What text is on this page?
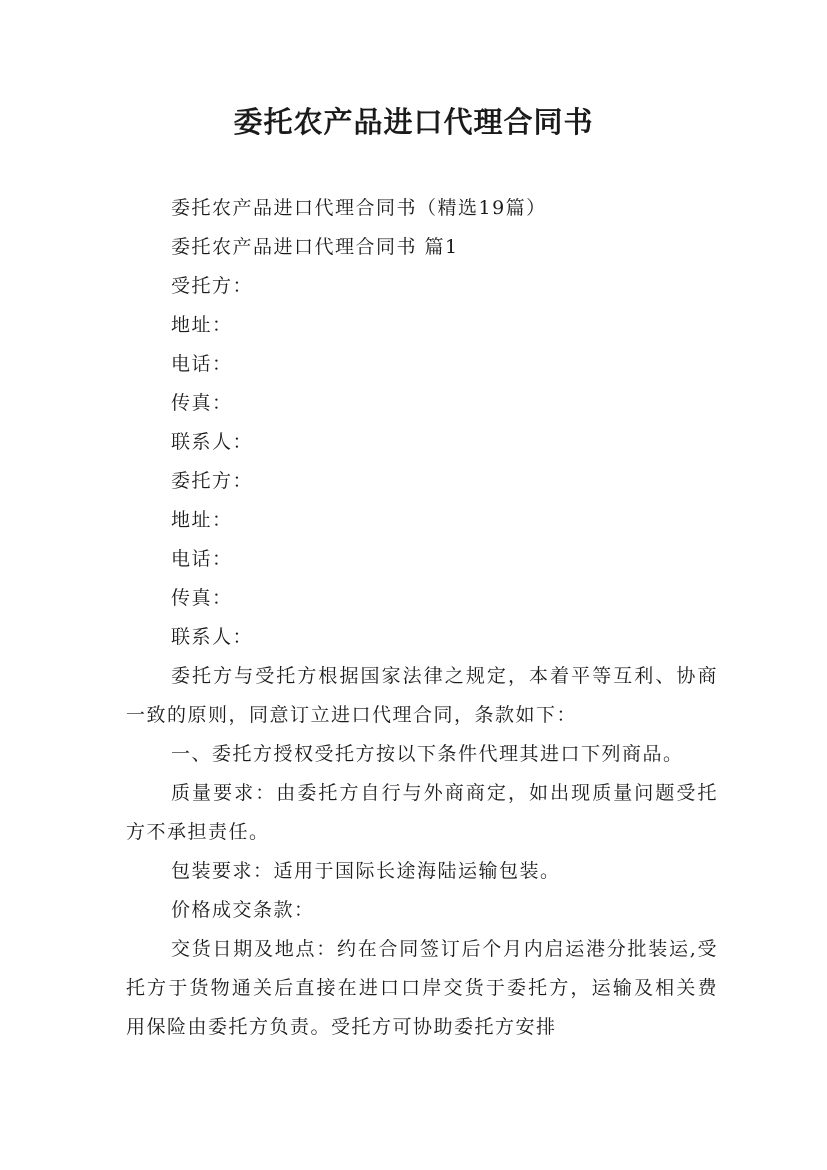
委托农产品进口代理合同书

委托农产品进口代理合同书（精选19篇）

委托农产品进口代理合同书 篇1

受托方：

地址：

电话：

传真：

联系人：

委托方：

地址：

电话：

传真：

联系人：

委托方与受托方根据国家法律之规定，本着平等互利、协商一致的原则，同意订立进口代理合同，条款如下：

一、委托方授权受托方按以下条件代理其进口下列商品。

质量要求：由委托方自行与外商商定，如出现质量问题受托方不承担责任。

包装要求：适用于国际长途海陆运输包装。

价格成交条款：

交货日期及地点：约在合同签订后个月内启运港分批装运,受托方于货物通关后直接在进口口岸交货于委托方，运输及相关费用保险由委托方负责。受托方可协助委托方安排
